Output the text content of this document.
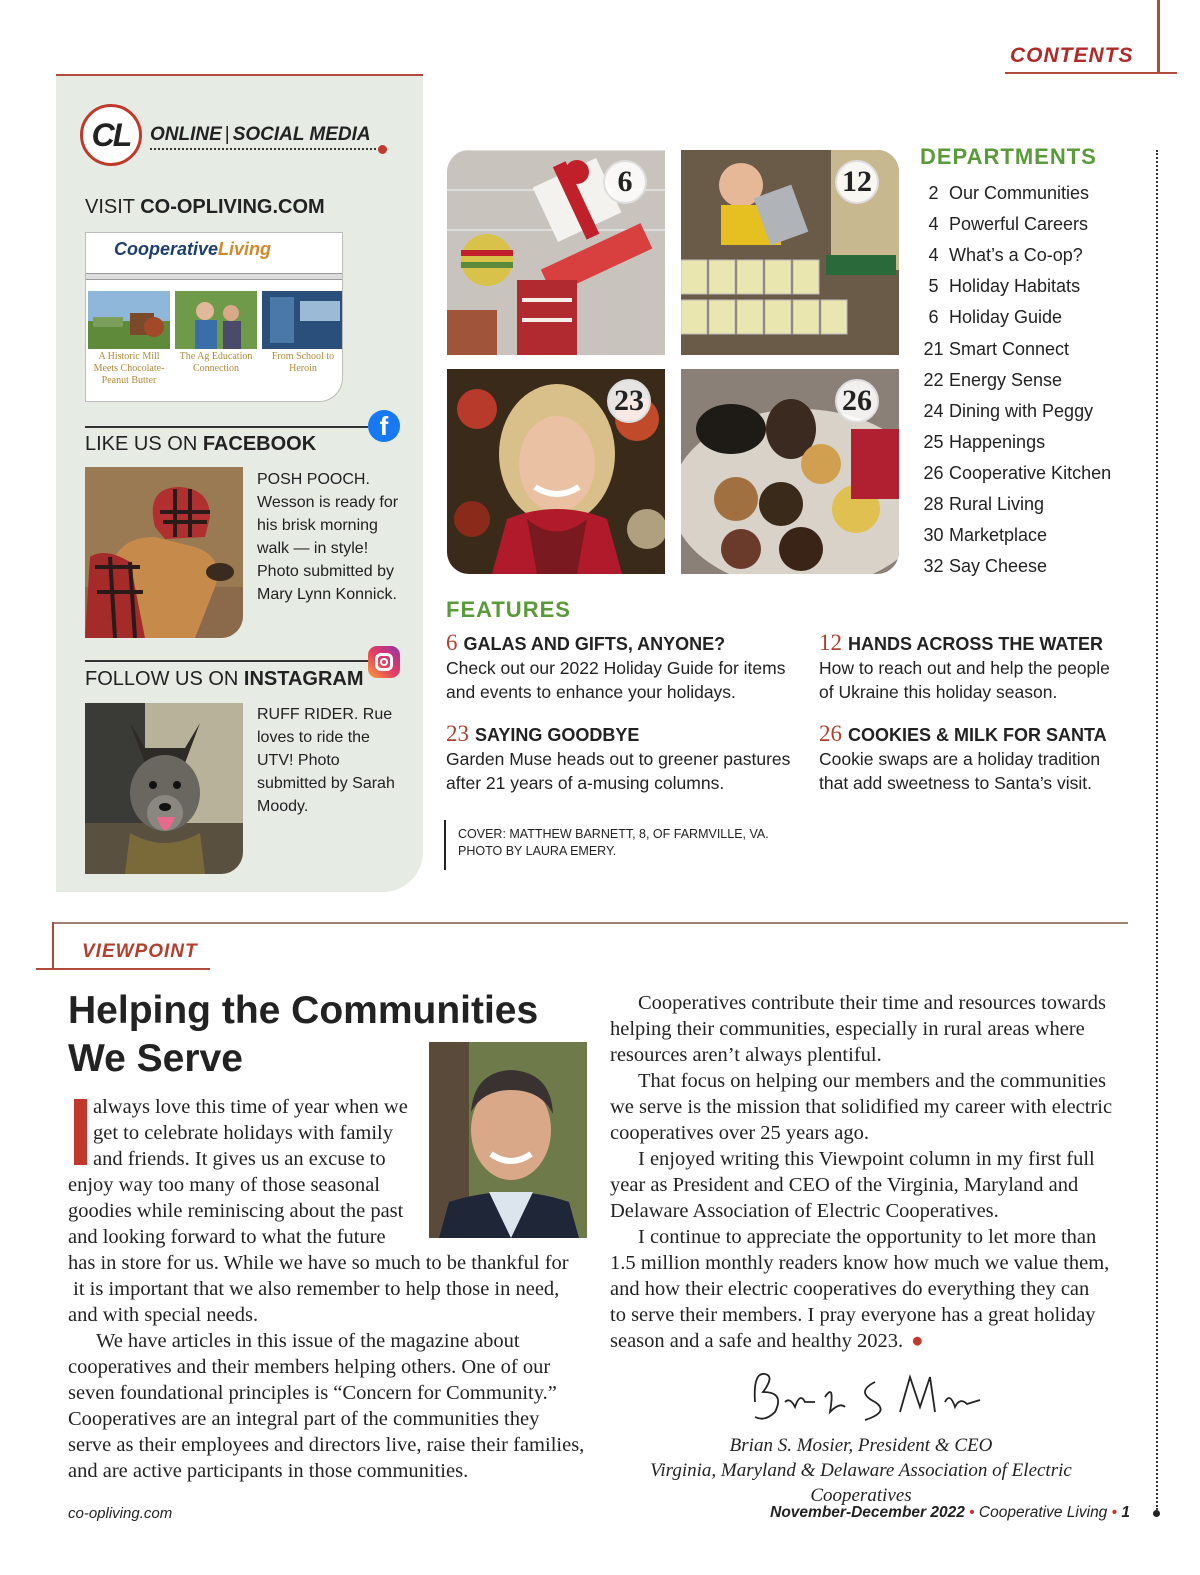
CONTENTS
CL ONLINE | SOCIAL MEDIA
VISIT CO-OPLIVING.COM
CooperativeLiving
A Historic Mill Meets Chocolate-Peanut Butter
The Ag Education Connection
From School to Heroin
f
LIKE US ON FACEBOOK
POSH POOCH. Wesson is ready for his brisk morning walk — in style! Photo submitted by Mary Lynn Konnick.
FOLLOW US ON INSTAGRAM
RUFF RIDER. Rue loves to ride the UTV! Photo submitted by Sarah Moody.
6	12
23	26
DEPARTMENTS
2 Our Communities
4 Powerful Careers
4 What’s a Co-op?
5 Holiday Habitats
6 Holiday Guide
21 Smart Connect
22 Energy Sense
24 Dining with Peggy
25 Happenings
26 Cooperative Kitchen
28 Rural Living
30 Marketplace
32 Say Cheese
FEATURES
6 GALAS AND GIFTS, ANYONE?
Check out our 2022 Holiday Guide for items and events to enhance your holidays.
12 HANDS ACROSS THE WATER
How to reach out and help the people of Ukraine this holiday season.
23 SAYING GOODBYE
Garden Muse heads out to greener pastures after 21 years of a-musing columns.
26 COOKIES & MILK FOR SANTA
Cookie swaps are a holiday tradition that add sweetness to Santa’s visit.
COVER: MATTHEW BARNETT, 8, OF FARMVILLE, VA.
PHOTO BY LAURA EMERY.
VIEWPOINT
Helping the Communities
We Serve
always love this time of year when we
get to celebrate holidays with family
and friends. It gives us an excuse to
enjoy way too many of those seasonal
goodies while reminiscing about the past
and looking forward to what the future
has in store for us. While we have so much to be thankful for
it is important that we also remember to help those in need,
and with special needs.
We have articles in this issue of the magazine about
cooperatives and their members helping others. One of our
seven foundational principles is “Concern for Community.”
Cooperatives are an integral part of the communities they
serve as their employees and directors live, raise their families,
and are active participants in those communities.
Cooperatives contribute their time and resources towards
helping their communities, especially in rural areas where
resources aren’t always plentiful.
That focus on helping our members and the communities
we serve is the mission that solidified my career with electric
cooperatives over 25 years ago.
I enjoyed writing this Viewpoint column in my first full
year as President and CEO of the Virginia, Maryland and
Delaware Association of Electric Cooperatives.
I continue to appreciate the opportunity to let more than
1.5 million monthly readers know how much we value them,
and how their electric cooperatives do everything they can
to serve their members. I pray everyone has a great holiday
season and a safe and healthy 2023. ●
Brian S. Mosier, President & CEO
Virginia, Maryland & Delaware Association of Electric Cooperatives
co-opliving.com	November-December 2022 • Cooperative Living • 1
